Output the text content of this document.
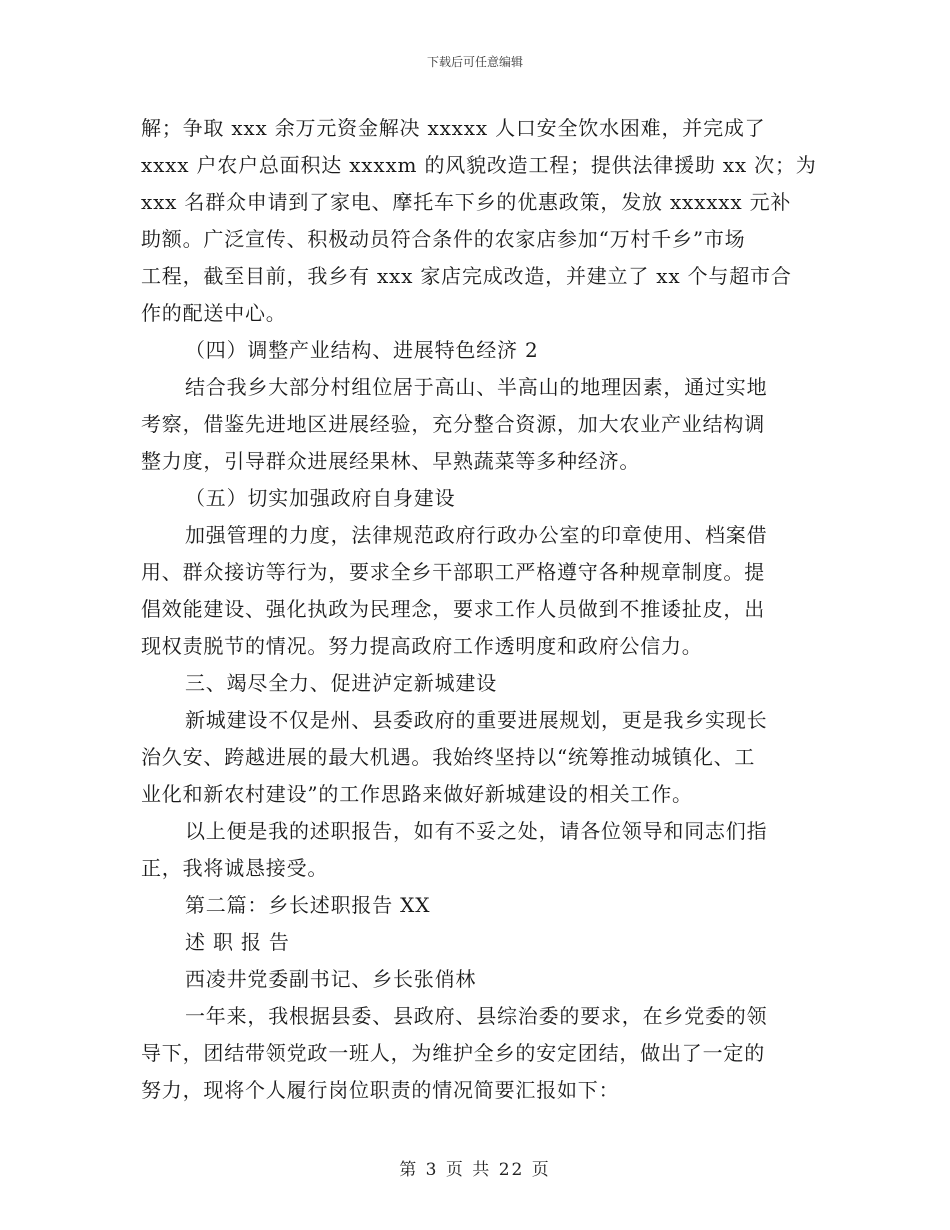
下载后可任意编辑
解；争取 xxx 余万元资金解决 xxxxx 人口安全饮水困难，并完成了
xxxx 户农户总面积达 xxxxm 的风貌改造工程；提供法律援助 xx 次；为
xxx 名群众申请到了家电、摩托车下乡的优惠政策，发放 xxxxxx 元补
助额。广泛宣传、积极动员符合条件的农家店参加“万村千乡”市场
工程，截至目前，我乡有 xxx 家店完成改造，并建立了 xx 个与超市合
作的配送中心。
（四）调整产业结构、进展特色经济 2
结合我乡大部分村组位居于高山、半高山的地理因素，通过实地
考察，借鉴先进地区进展经验，充分整合资源，加大农业产业结构调
整力度，引导群众进展经果林、早熟蔬菜等多种经济。
（五）切实加强政府自身建设
加强管理的力度，法律规范政府行政办公室的印章使用、档案借
用、群众接访等行为，要求全乡干部职工严格遵守各种规章制度。提
倡效能建设、强化执政为民理念，要求工作人员做到不推诿扯皮，出
现权责脱节的情况。努力提高政府工作透明度和政府公信力。
三、竭尽全力、促进泸定新城建设
新城建设不仅是州、县委政府的重要进展规划，更是我乡实现长
治久安、跨越进展的最大机遇。我始终坚持以“统筹推动城镇化、工
业化和新农村建设”的工作思路来做好新城建设的相关工作。
以上便是我的述职报告，如有不妥之处，请各位领导和同志们指
正，我将诚恳接受。
第二篇：乡长述职报告 XX
述 职 报 告
西凌井党委副书记、乡长张俏林
一年来，我根据县委、县政府、县综治委的要求，在乡党委的领
导下，团结带领党政一班人，为维护全乡的安定团结，做出了一定的
努力，现将个人履行岗位职责的情况简要汇报如下：
第 3 页 共 22 页
